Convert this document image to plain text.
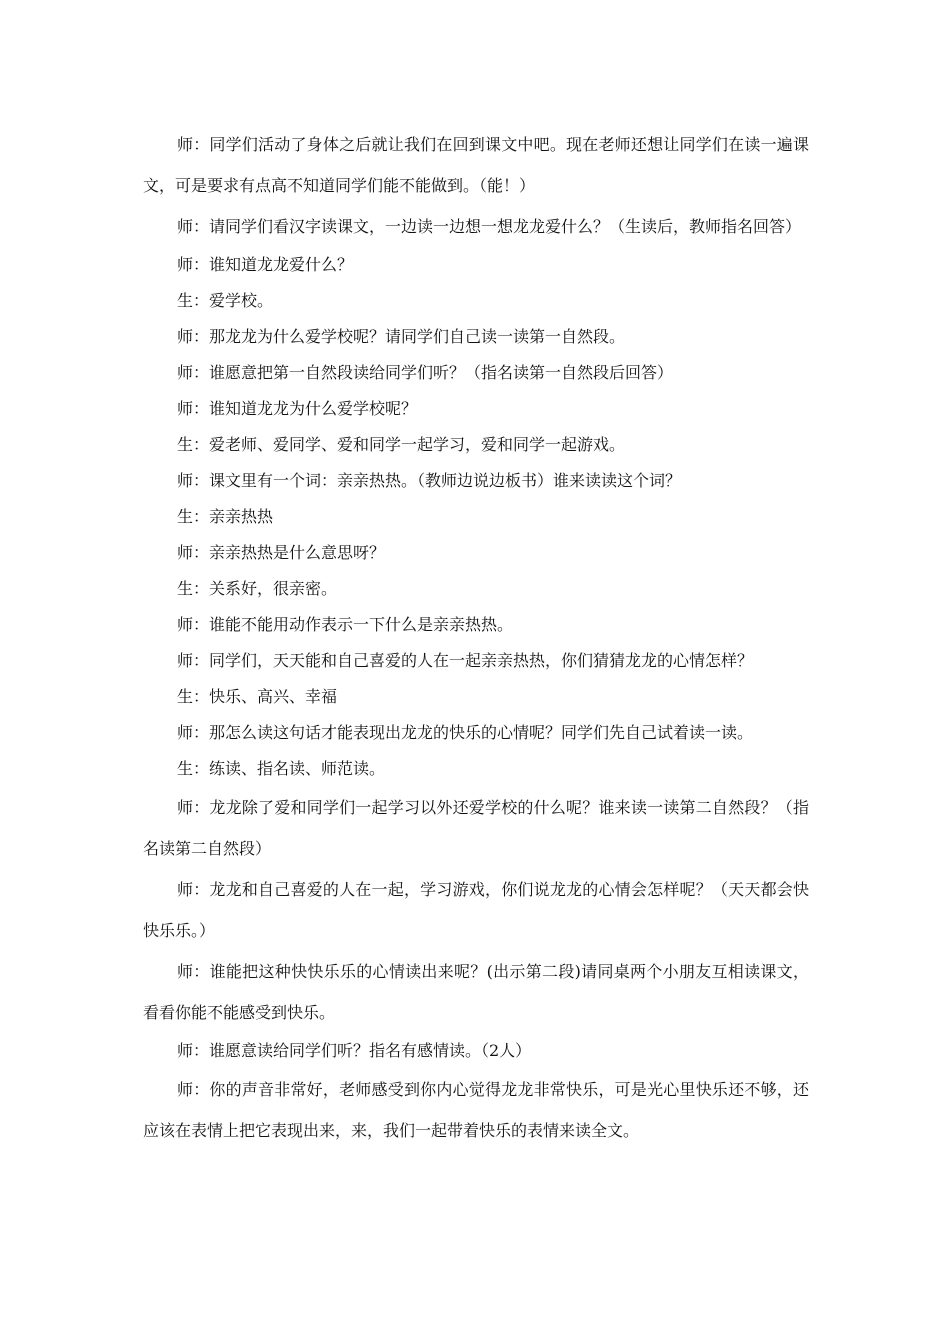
师：同学们活动了身体之后就让我们在回到课文中吧。现在老师还想让同学们在读一遍课文，可是要求有点高不知道同学们能不能做到。（能！）

师：请同学们看汉字读课文，一边读一边想一想龙龙爱什么？（生读后，教师指名回答）

师：谁知道龙龙爱什么？

生：爱学校。

师：那龙龙为什么爱学校呢？请同学们自己读一读第一自然段。

师：谁愿意把第一自然段读给同学们听？（指名读第一自然段后回答）

师：谁知道龙龙为什么爱学校呢？

生：爱老师、爱同学、爱和同学一起学习，爱和同学一起游戏。

师：课文里有一个词：亲亲热热。（教师边说边板书）谁来读读这个词？

生：亲亲热热

师：亲亲热热是什么意思呀？

生：关系好，很亲密。

师：谁能不能用动作表示一下什么是亲亲热热。

师：同学们，天天能和自己喜爱的人在一起亲亲热热，你们猜猜龙龙的心情怎样？

生：快乐、高兴、幸福

师：那怎么读这句话才能表现出龙龙的快乐的心情呢？同学们先自己试着读一读。

生：练读、指名读、师范读。

师：龙龙除了爱和同学们一起学习以外还爱学校的什么呢？谁来读一读第二自然段？（指名读第二自然段）

师：龙龙和自己喜爱的人在一起，学习游戏，你们说龙龙的心情会怎样呢？（天天都会快快乐乐。）

师：谁能把这种快快乐乐的心情读出来呢？(出示第二段)请同桌两个小朋友互相读课文，看看你能不能感受到快乐。

师：谁愿意读给同学们听？指名有感情读。（2人）

师：你的声音非常好，老师感受到你内心觉得龙龙非常快乐，可是光心里快乐还不够，还应该在表情上把它表现出来，来，我们一起带着快乐的表情来读全文。
